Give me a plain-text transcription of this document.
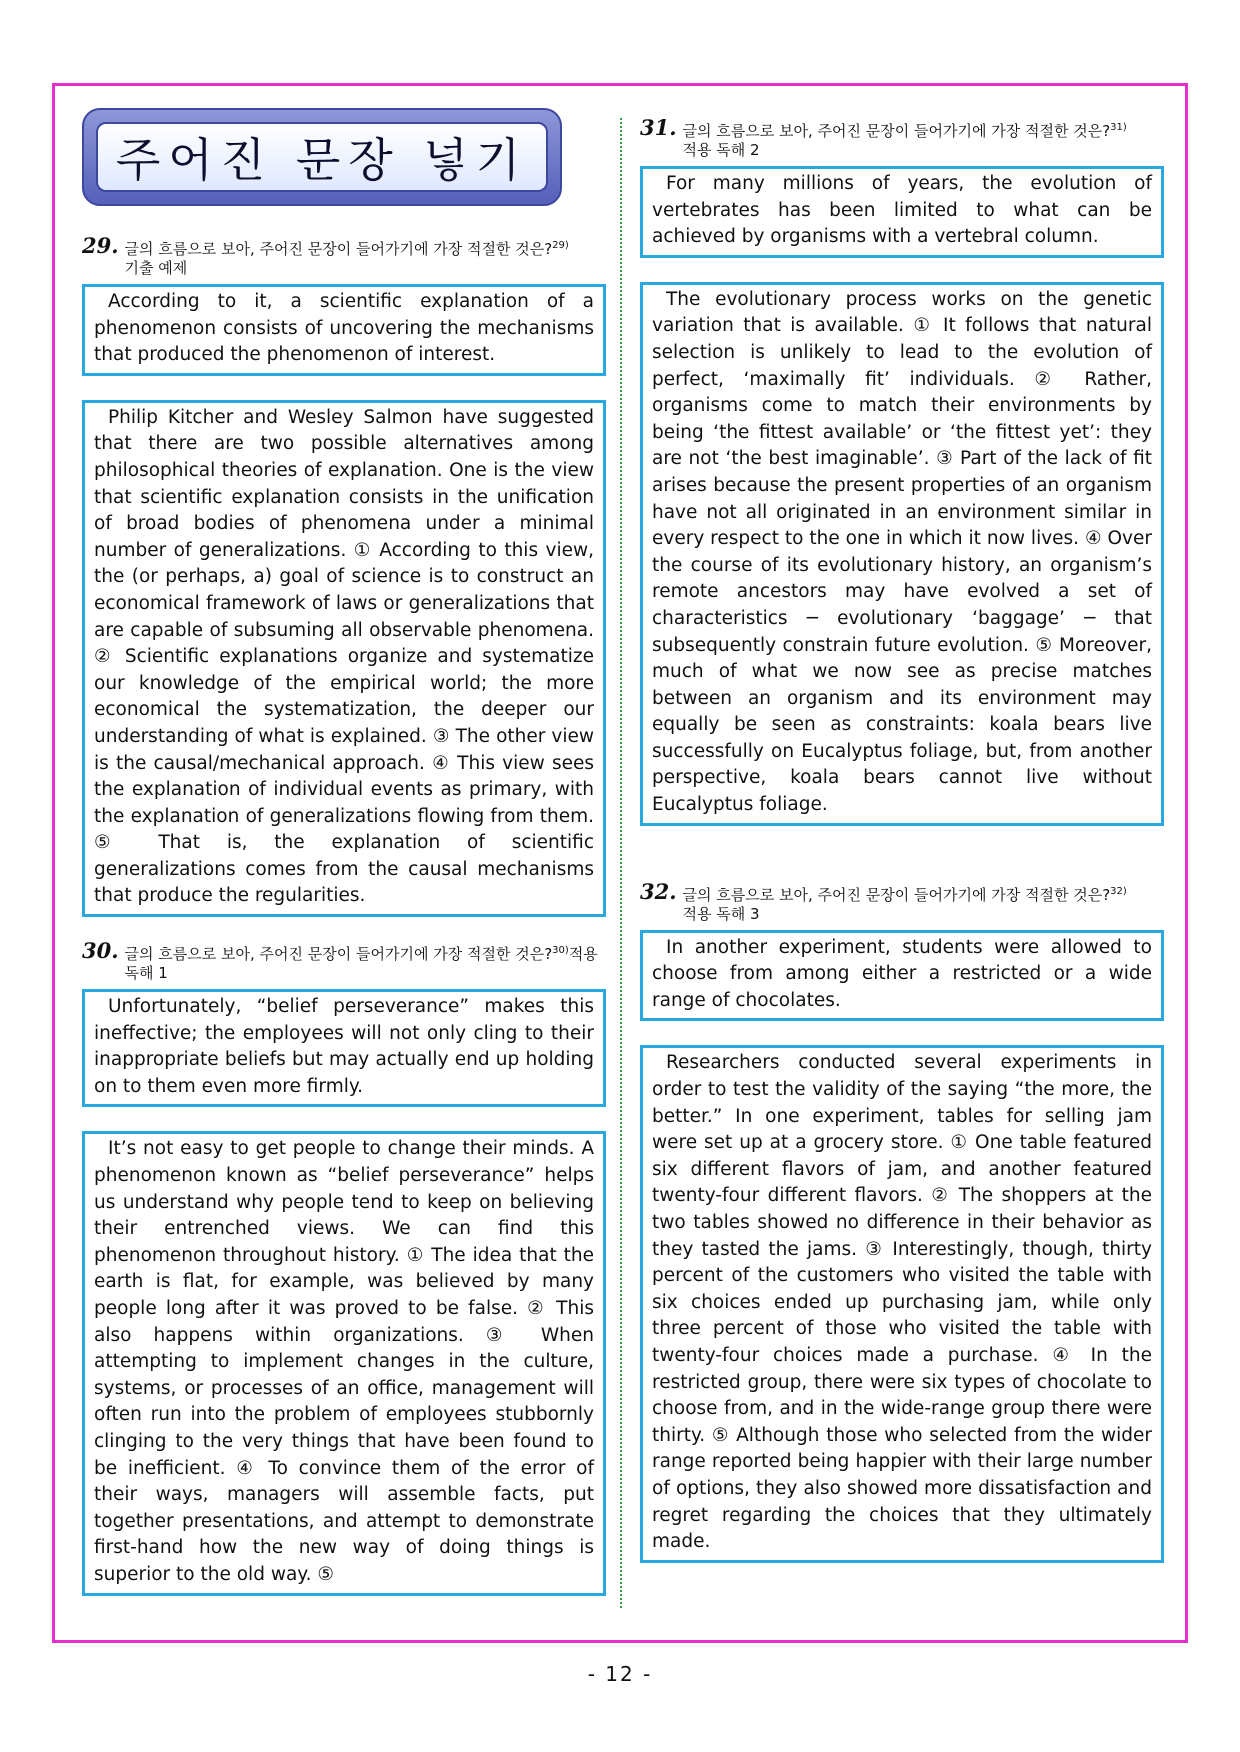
주어진 문장 넣기
29. 글의 흐름으로 보아, 주어진 문장이 들어가기에 가장 적절한 것은?$^{29)}$
기출 예제

According to it, a scientific explanation of a phenomenon consists of uncovering the mechanisms that produced the phenomenon of interest.

Philip Kitcher and Wesley Salmon have suggested that there are two possible alternatives among philosophical theories of explanation. One is the view that scientific explanation consists in the unification of broad bodies of phenomena under a minimal number of generalizations. ① According to this view, the (or perhaps, a) goal of science is to construct an economical framework of laws or generalizations that are capable of subsuming all observable phenomena. ② Scientific explanations organize and systematize our knowledge of the empirical world; the more economical the systematization, the deeper our understanding of what is explained. ③ The other view is the causal/mechanical approach. ④ This view sees the explanation of individual events as primary, with the explanation of generalizations flowing from them. ⑤ That is, the explanation of scientific generalizations comes from the causal mechanisms that produce the regularities.

30. 글의 흐름으로 보아, 주어진 문장이 들어가기에 가장 적절한 것은?$^{30)}$적용 독해 1

Unfortunately, “belief perseverance” makes this ineffective; the employees will not only cling to their inappropriate beliefs but may actually end up holding on to them even more firmly.

It’s not easy to get people to change their minds. A phenomenon known as “belief perseverance” helps us understand why people tend to keep on believing their entrenched views. We can find this phenomenon throughout history. ① The idea that the earth is flat, for example, was believed by many people long after it was proved to be false. ② This also happens within organizations. ③ When attempting to implement changes in the culture, systems, or processes of an office, management will often run into the problem of employees stubbornly clinging to the very things that have been found to be inefficient. ④ To convince them of the error of their ways, managers will assemble facts, put together presentations, and attempt to demonstrate first-hand how the new way of doing things is superior to the old way. ⑤

31. 글의 흐름으로 보아, 주어진 문장이 들어가기에 가장 적절한 것은?$^{31)}$
적용 독해 2

For many millions of years, the evolution of vertebrates has been limited to what can be achieved by organisms with a vertebral column.

The evolutionary process works on the genetic variation that is available. ① It follows that natural selection is unlikely to lead to the evolution of perfect, ‘maximally fit’ individuals. ② Rather, organisms come to match their environments by being ‘the fittest available’ or ‘the fittest yet’: they are not ‘the best imaginable’. ③ Part of the lack of fit arises because the present properties of an organism have not all originated in an environment similar in every respect to the one in which it now lives. ④ Over the course of its evolutionary history, an organism’s remote ancestors may have evolved a set of characteristics ─ evolutionary ‘baggage’ ─ that subsequently constrain future evolution. ⑤ Moreover, much of what we now see as precise matches between an organism and its environment may equally be seen as constraints: koala bears live successfully on Eucalyptus foliage, but, from another perspective, koala bears cannot live without Eucalyptus foliage.

32. 글의 흐름으로 보아, 주어진 문장이 들어가기에 가장 적절한 것은?$^{32)}$
적용 독해 3

In another experiment, students were allowed to choose from among either a restricted or a wide range of chocolates.

Researchers conducted several experiments in order to test the validity of the saying “the more, the better.” In one experiment, tables for selling jam were set up at a grocery store. ① One table featured six different flavors of jam, and another featured twenty-four different flavors. ② The shoppers at the two tables showed no difference in their behavior as they tasted the jams. ③ Interestingly, though, thirty percent of the customers who visited the table with six choices ended up purchasing jam, while only three percent of those who visited the table with twenty-four choices made a purchase. ④ In the restricted group, there were six types of chocolate to choose from, and in the wide-range group there were thirty. ⑤ Although those who selected from the wider range reported being happier with their large number of options, they also showed more dissatisfaction and regret regarding the choices that they ultimately made.

- 12 -
